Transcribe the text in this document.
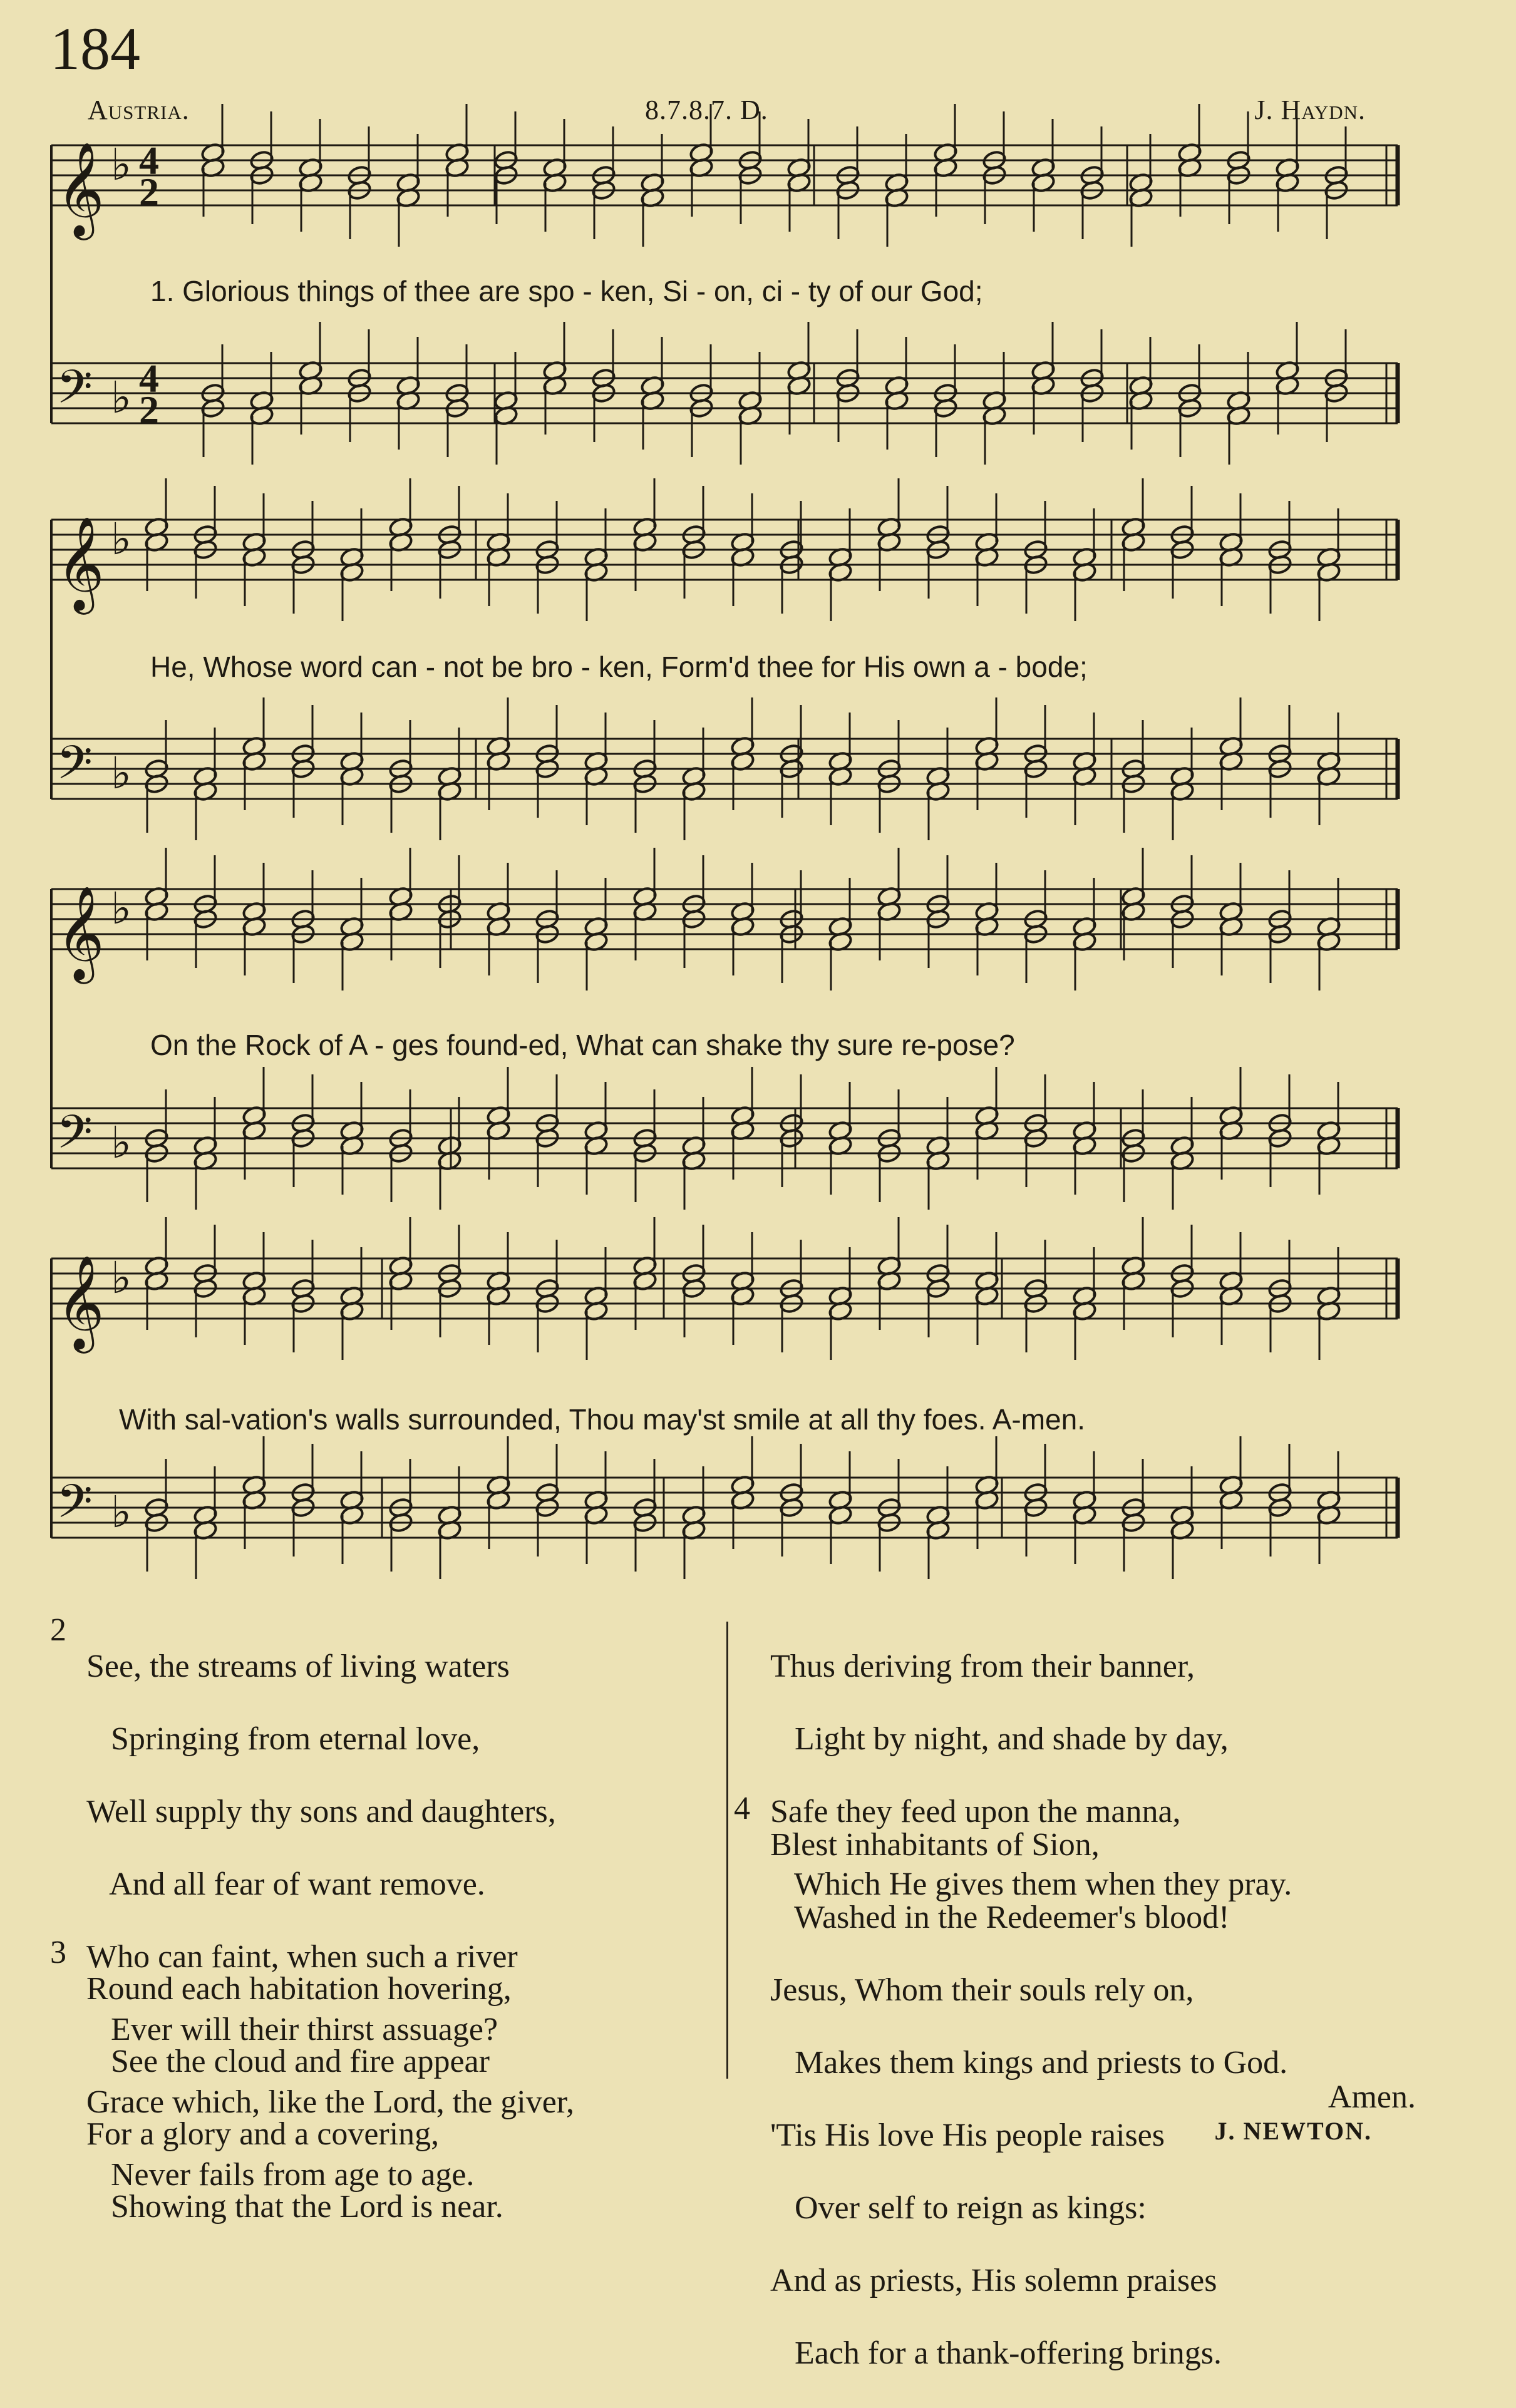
184
Austria.	8.7.8.7. D.	J. Haydn.
𝄞 ♭ 4
2
𝄢 ♭ 4
2
𝄞 ♭
𝄢 ♭
𝄞 ♭
𝄢 ♭
𝄞 ♭
𝄢 ♭
1. Glorious things of thee are spo - ken, Si - on, ci - ty of our God;
He, Whose word can - not be bro - ken, Form'd thee for His own a - bode;
On the Rock of A - ges found-ed, What can shake thy sure re-pose?
With sal-vation's walls surrounded, Thou may'st smile at all thy foes. A-men.
2

See, the streams of living waters

Springing from eternal love,

Well supply thy sons and daughters,

And all fear of want remove.

Who can faint, when such a river

Ever will their thirst assuage?

Grace which, like the Lord, the giver,

Never fails from age to age.

3

Round each habitation hovering,

See the cloud and fire appear

For a glory and a covering,

Showing that the Lord is near.

Thus deriving from their banner,

Light by night, and shade by day,

Safe they feed upon the manna,

Which He gives them when they pray.

4

Blest inhabitants of Sion,

Washed in the Redeemer's blood!

Jesus, Whom their souls rely on,

Makes them kings and priests to God.

'Tis His love His people raises

Over self to reign as kings:

And as priests, His solemn praises

Each for a thank-offering brings.

Amen.
J. NEWTON.
